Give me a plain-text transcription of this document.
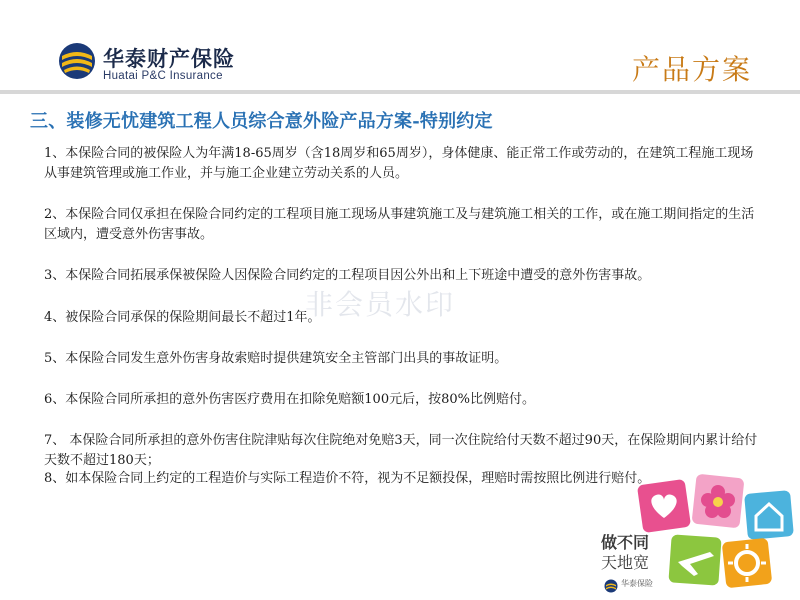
华泰财产保险
Huatai P&C Insurance	产品方案
三、装修无忧建筑工程人员综合意外险产品方案-特别约定
1、本保险合同的被保险人为年满18-65周岁（含18周岁和65周岁），身体健康、能正常工作或劳动的，在建筑工程施工现场从事建筑管理或施工作业，并与施工企业建立劳动关系的人员。
2、本保险合同仅承担在保险合同约定的工程项目施工现场从事建筑施工及与建筑施工相关的工作，或在施工期间指定的生活区域内，遭受意外伤害事故。
3、本保险合同拓展承保被保险人因保险合同约定的工程项目因公外出和上下班途中遭受的意外伤害事故。
4、被保险合同承保的保险期间最长不超过1年。
5、本保险合同发生意外伤害身故索赔时提供建筑安全主管部门出具的事故证明。
6、本保险合同所承担的意外伤害医疗费用在扣除免赔额100元后，按80%比例赔付。
7、 本保险合同所承担的意外伤害住院津贴每次住院绝对免赔3天，同一次住院给付天数不超过90天，在保险期间内累计给付天数不超过180天；
8、如本保险合同上约定的工程造价与实际工程造价不符，视为不足额投保，理赔时需按照比例进行赔付。
非会员水印
做不同
天地宽
华泰保险
